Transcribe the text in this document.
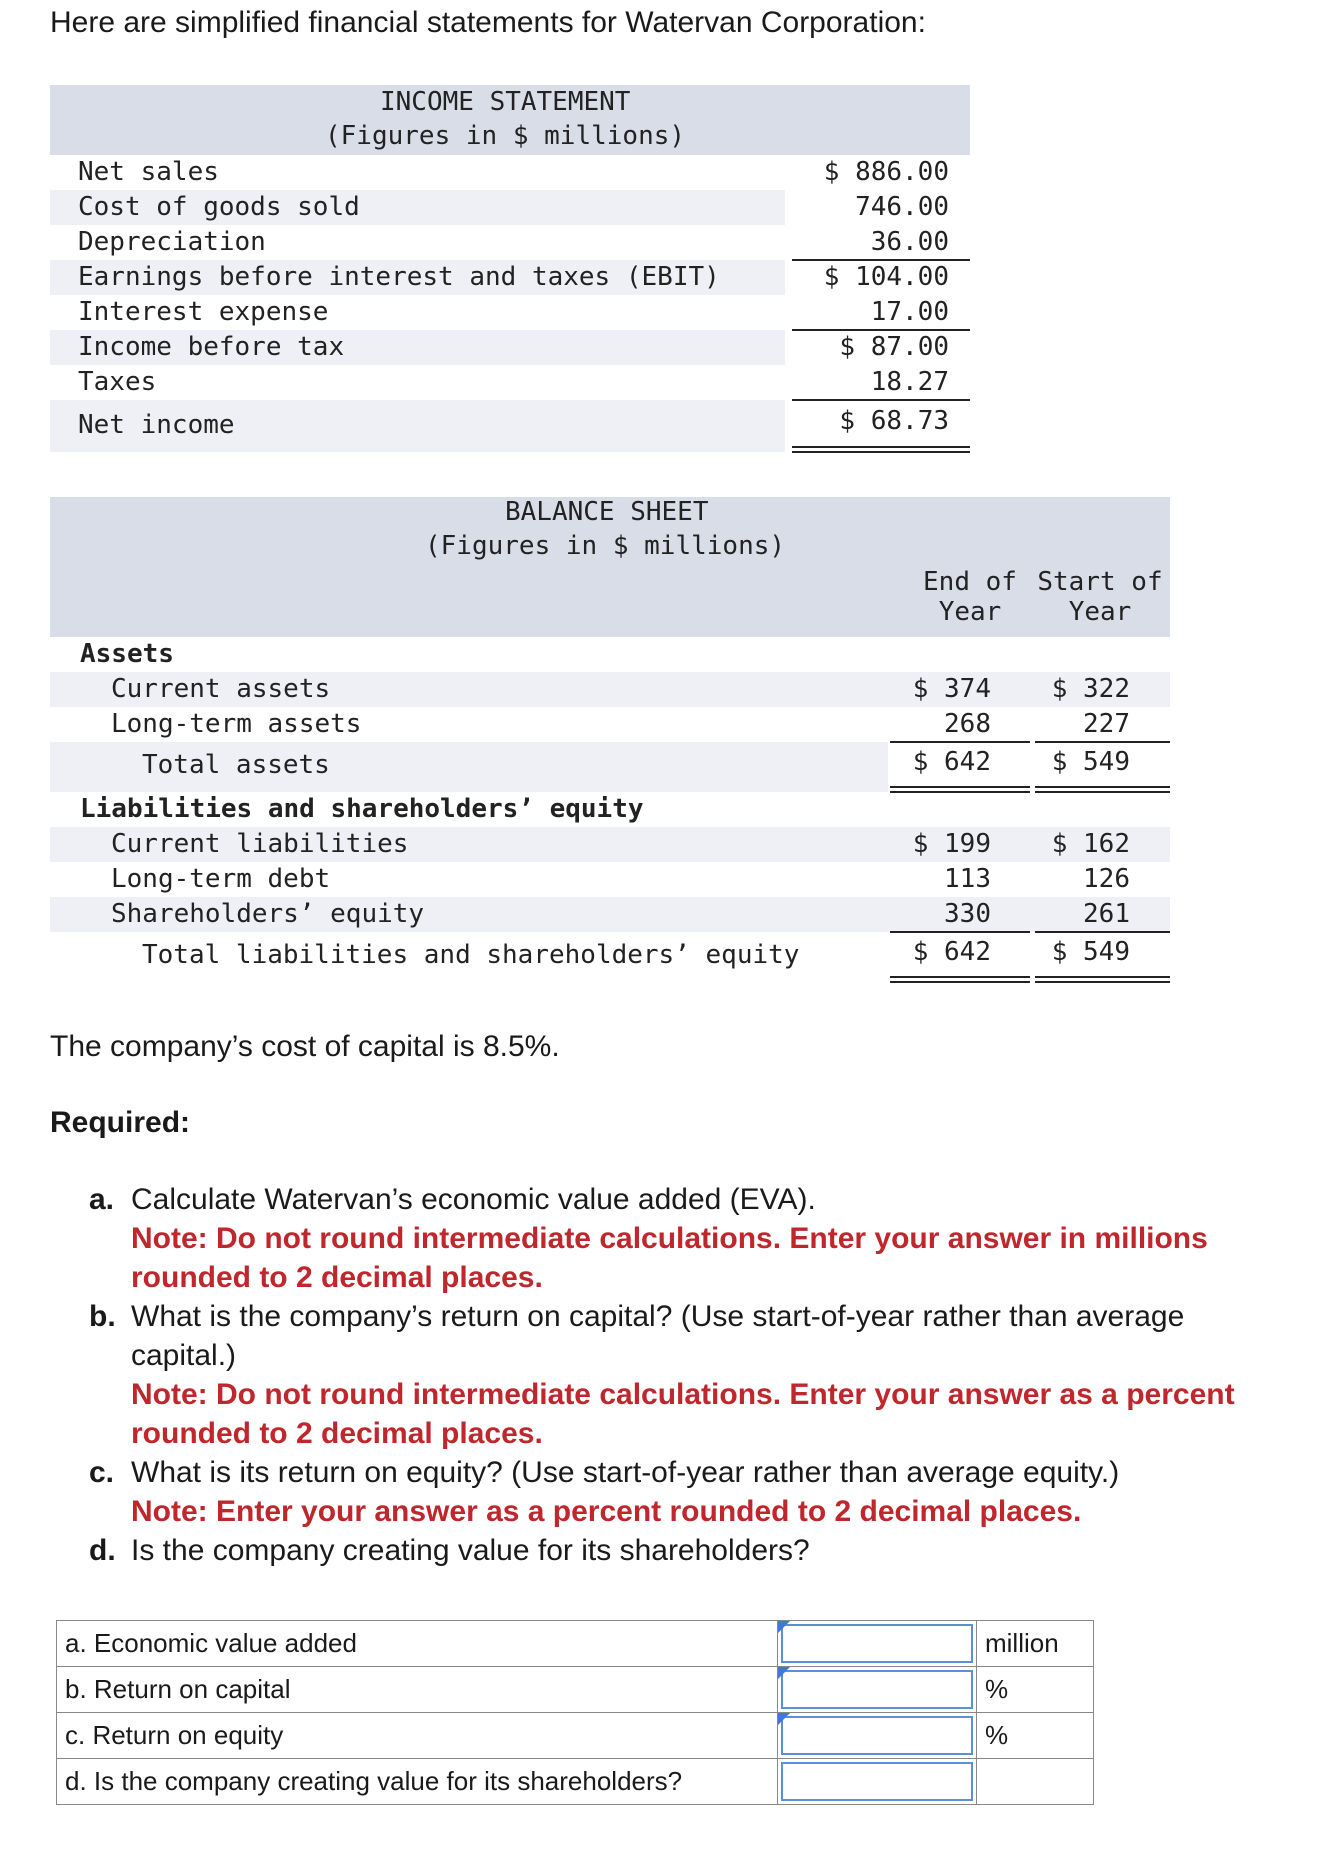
Here are simplified financial statements for Watervan Corporation:
INCOME STATEMENT
(Figures in $ millions)
Net sales	$ 886.00
Cost of goods sold	746.00
Depreciation	36.00
Earnings before interest and taxes (EBIT)	$ 104.00
Interest expense	17.00
Income before tax	$ 87.00
Taxes	18.27
Net income	$ 68.73
BALANCE SHEET
(Figures in $ millions)
End of
Year
Start of
Year
Assets
Current assets	$ 374 $ 322
Long-term assets	268	227
Total assets	$ 642 $ 549
Liabilities and shareholders’ equity
Current liabilities	$ 199 $ 162
Long-term debt	113	126
Shareholders’ equity	330	261
Total liabilities and shareholders’ equity	$ 642 $ 549
The company’s cost of capital is 8.5%.
Required:
a. Calculate Watervan’s economic value added (EVA).
Note: Do not round intermediate calculations. Enter your answer in millions
rounded to 2 decimal places.
b. What is the company’s return on capital? (Use start-of-year rather than average
capital.)
Note: Do not round intermediate calculations. Enter your answer as a percent
rounded to 2 decimal places.
c. What is its return on equity? (Use start-of-year rather than average equity.)
Note: Enter your answer as a percent rounded to 2 decimal places.
d. Is the company creating value for its shareholders?
a. Economic value added		million
b. Return on capital		%
c. Return on equity		%
d. Is the company creating value for its shareholders?	
